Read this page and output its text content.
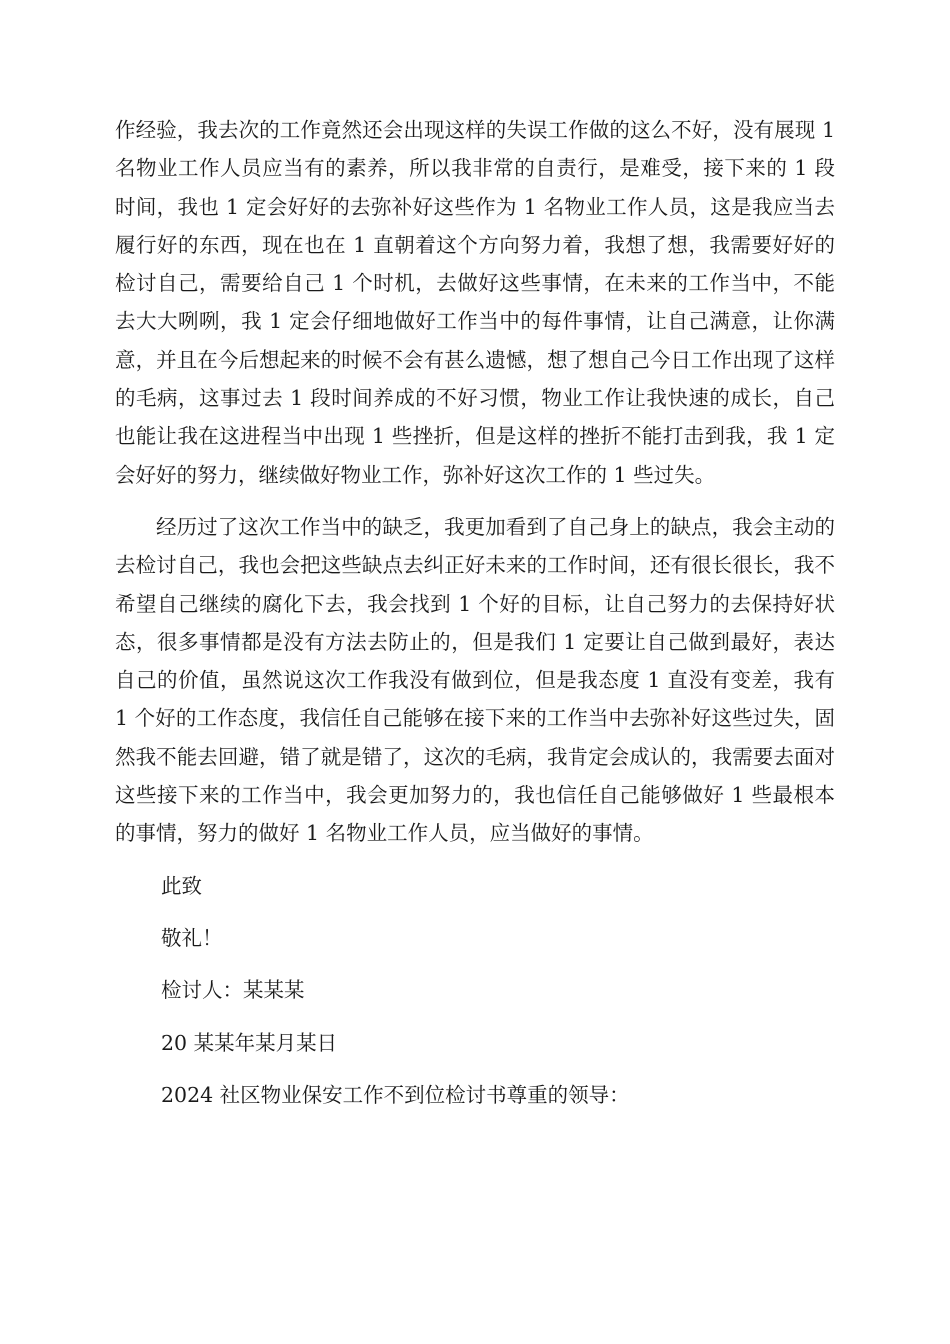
作经验，我去次的工作竟然还会出现这样的失误工作做的这么不好，没有展现 1 名物业工作人员应当有的素养，所以我非常的自责行，是难受，接下来的 1 段时间，我也 1 定会好好的去弥补好这些作为 1 名物业工作人员，这是我应当去履行好的东西，现在也在 1 直朝着这个方向努力着，我想了想，我需要好好的检讨自己，需要给自己 1 个时机，去做好这些事情，在未来的工作当中，不能去大大咧咧，我 1 定会仔细地做好工作当中的每件事情，让自己满意，让你满意，并且在今后想起来的时候不会有甚么遗憾，想了想自己今日工作出现了这样的毛病，这事过去 1 段时间养成的不好习惯，物业工作让我快速的成长，自己也能让我在这进程当中出现 1 些挫折，但是这样的挫折不能打击到我，我 1 定会好好的努力，继续做好物业工作，弥补好这次工作的 1 些过失。

经历过了这次工作当中的缺乏，我更加看到了自己身上的缺点，我会主动的去检讨自己，我也会把这些缺点去纠正好未来的工作时间，还有很长很长，我不希望自己继续的腐化下去，我会找到 1 个好的目标，让自己努力的去保持好状态，很多事情都是没有方法去防止的，但是我们 1 定要让自己做到最好，表达自己的价值，虽然说这次工作我没有做到位，但是我态度 1 直没有变差，我有 1 个好的工作态度，我信任自己能够在接下来的工作当中去弥补好这些过失，固然我不能去回避，错了就是错了，这次的毛病，我肯定会成认的，我需要去面对这些接下来的工作当中，我会更加努力的，我也信任自己能够做好 1 些最根本的事情，努力的做好 1 名物业工作人员，应当做好的事情。

此致

敬礼！

检讨人：某某某

20 某某年某月某日

2024 社区物业保安工作不到位检讨书尊重的领导：
